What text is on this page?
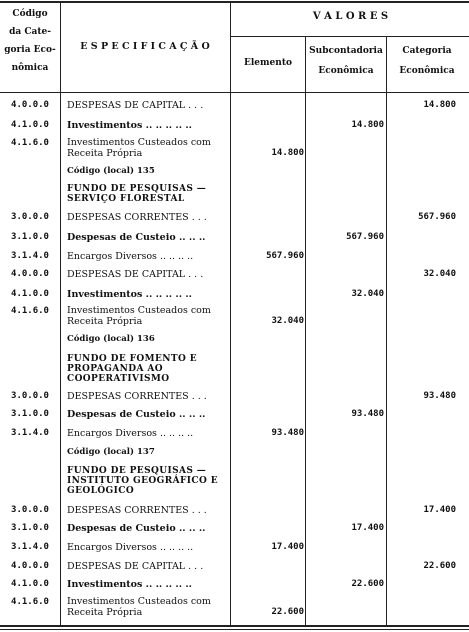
Código
da Cate-
goria Eco-
nômica
E S P E C I F I C A Ç Ã O
V A L O R E S
Elemento
Subcontadoria
Econômica
Categoria
Econômica
4.0.0.0	DESPESAS DE CAPITAL . . .	14.800
4.1.0.0	Investimentos .. .. .. .. ..	14.800
4.1.6.0	Investimentos Custeados com Receita Própria	14.800
Código (local) 135
FUNDO DE PESQUISAS — SERVIÇO FLORESTAL
3.0.0.0	DESPESAS CORRENTES . . .	567.960
3.1.0.0	Despesas de Custeio .. .. ..	567.960
3.1.4.0	Encargos Diversos .. .. .. ..	567.960
4.0.0.0	DESPESAS DE CAPITAL . . .	32.040
4.1.0.0	Investimentos .. .. .. .. ..	32.040
4.1.6.0	Investimentos Custeados com Receita Própria	32.040
Código (local) 136
FUNDO DE FOMENTO E PROPAGANDA AO COOPERATIVISMO
3.0.0.0	DESPESAS CORRENTES . . .	93.480
3.1.0.0	Despesas de Custeio .. .. ..	93.480
3.1.4.0	Encargos Diversos .. .. .. ..	93.480
Código (local) 137
FUNDO DE PESQUISAS — INSTITUTO GEOGRÁFICO E GEOLÓGICO
3.0.0.0	DESPESAS CORRENTES . . .	17.400
3.1.0.0	Despesas de Custeio .. .. ..	17.400
3.1.4.0	Encargos Diversos .. .. .. ..	17.400
4.0.0.0	DESPESAS DE CAPITAL . . .	22.600
4.1.0.0	Investimentos .. .. .. .. ..	22.600
4.1.6.0	Investimentos Custeados com Receita Própria	22.600
